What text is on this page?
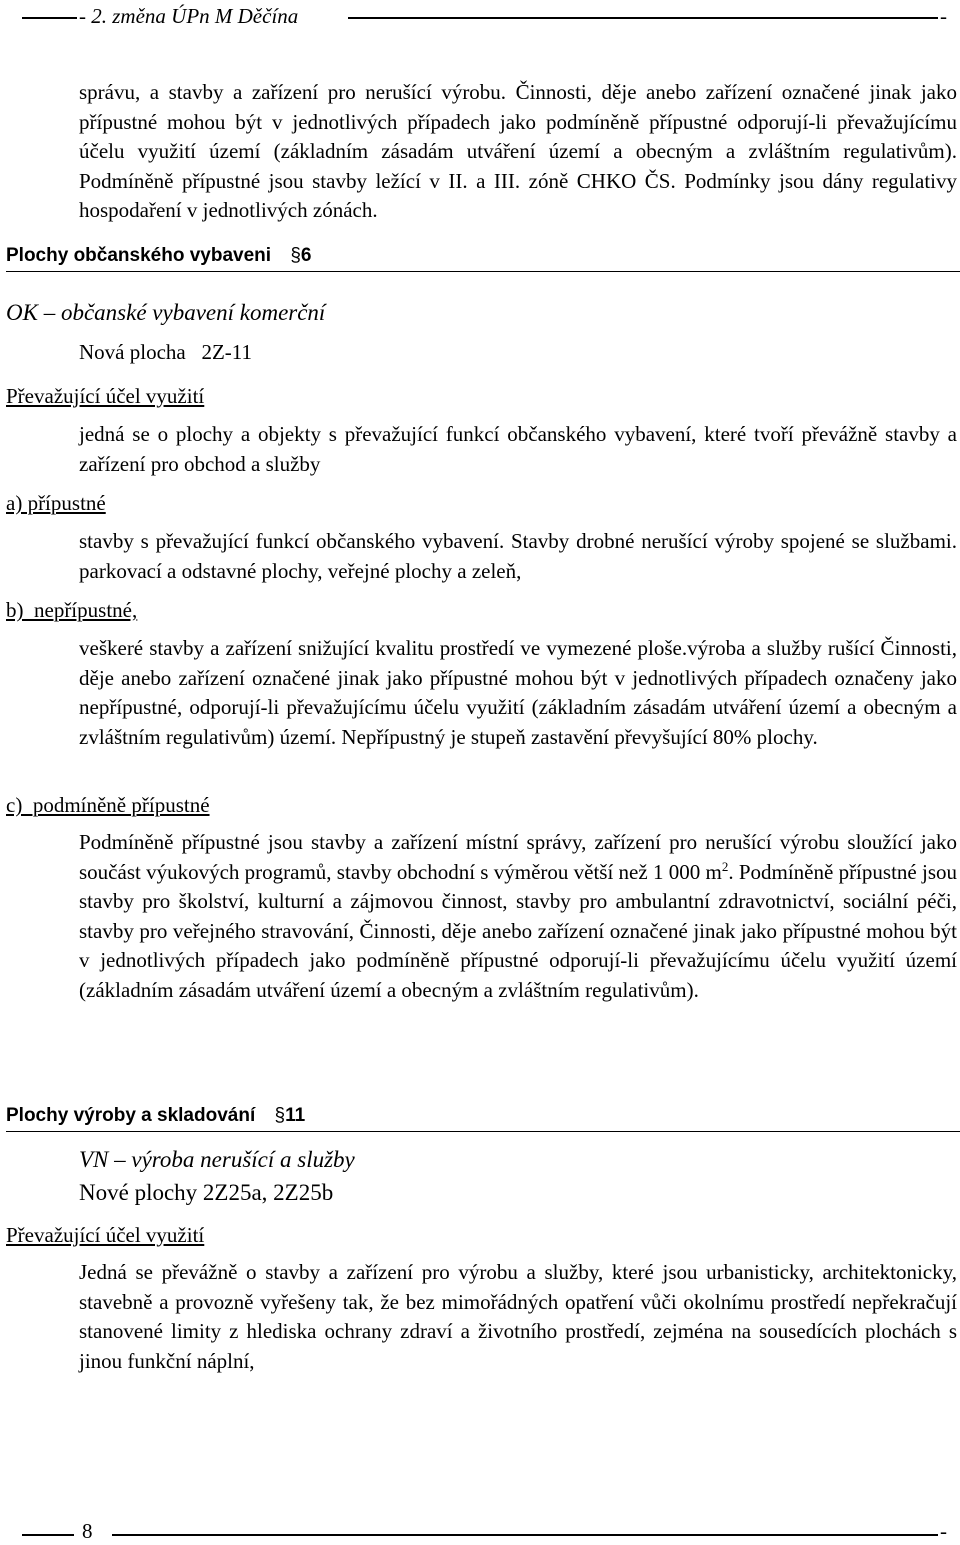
- 2. změna ÚPn M Děčína	-
správu, a stavby a zařízení pro nerušící výrobu. Činnosti, děje anebo zařízení označené jinak jako přípustné mohou být v jednotlivých případech jako podmíněně přípustné odporují-li převažujícímu účelu využití území (základním zásadám utváření území a obecným a zvláštním regulativům). Podmíněně přípustné jsou stavby ležící v II. a III. zóně CHKO ČS. Podmínky jsou dány regulativy hospodaření v jednotlivých zónách.
Plochy občanského vybaveni §6
OK – občanské vybavení komerční
Nová plocha   2Z-11
Převažující účel využití
jedná se o plochy a objekty s převažující funkcí občanského vybavení, které tvoří převážně stavby a zařízení pro obchod a služby
a) přípustné
stavby s převažující funkcí občanského vybavení. Stavby drobné nerušící výroby spojené se službami. parkovací a odstavné plochy, veřejné plochy a zeleň,
b)  nepřípustné,
veškeré stavby a zařízení snižující kvalitu prostředí ve vymezené ploše.výroba a služby rušící Činnosti, děje anebo zařízení označené jinak jako přípustné mohou být v jednotlivých případech označeny jako nepřípustné, odporují-li převažujícímu účelu využití (základním zásadám utváření území a obecným a zvláštním regulativům) území. Nepřípustný je stupeň zastavění převyšující 80% plochy.
c)  podmíněně přípustné
Podmíněně přípustné jsou stavby a zařízení místní správy, zařízení pro nerušící výrobu sloužící jako součást výukových programů, stavby obchodní s výměrou větší než 1 000 $m^2$. Podmíněně přípustné jsou stavby pro školství, kulturní a zájmovou činnost, stavby pro ambulantní zdravotnictví, sociální péči, stavby pro veřejného stravování, Činnosti, děje anebo zařízení označené jinak jako přípustné mohou být v jednotlivých případech jako podmíněně přípustné odporují-li převažujícímu účelu využití území (základním zásadám utváření území a obecným a zvláštním regulativům).
Plochy výroby a skladování §11
VN – výroba nerušící a služby
Nové plochy 2Z25a, 2Z25b
Převažující účel využití
Jedná se převážně o stavby a zařízení pro výrobu a služby, které jsou urbanisticky, architektonicky, stavebně a provozně vyřešeny tak, že bez mimořádných opatření vůči okolnímu prostředí nepřekračují stanovené limity z hlediska ochrany zdraví a životního prostředí, zejména na sousedících plochách s jinou funkční náplní,
8	-
